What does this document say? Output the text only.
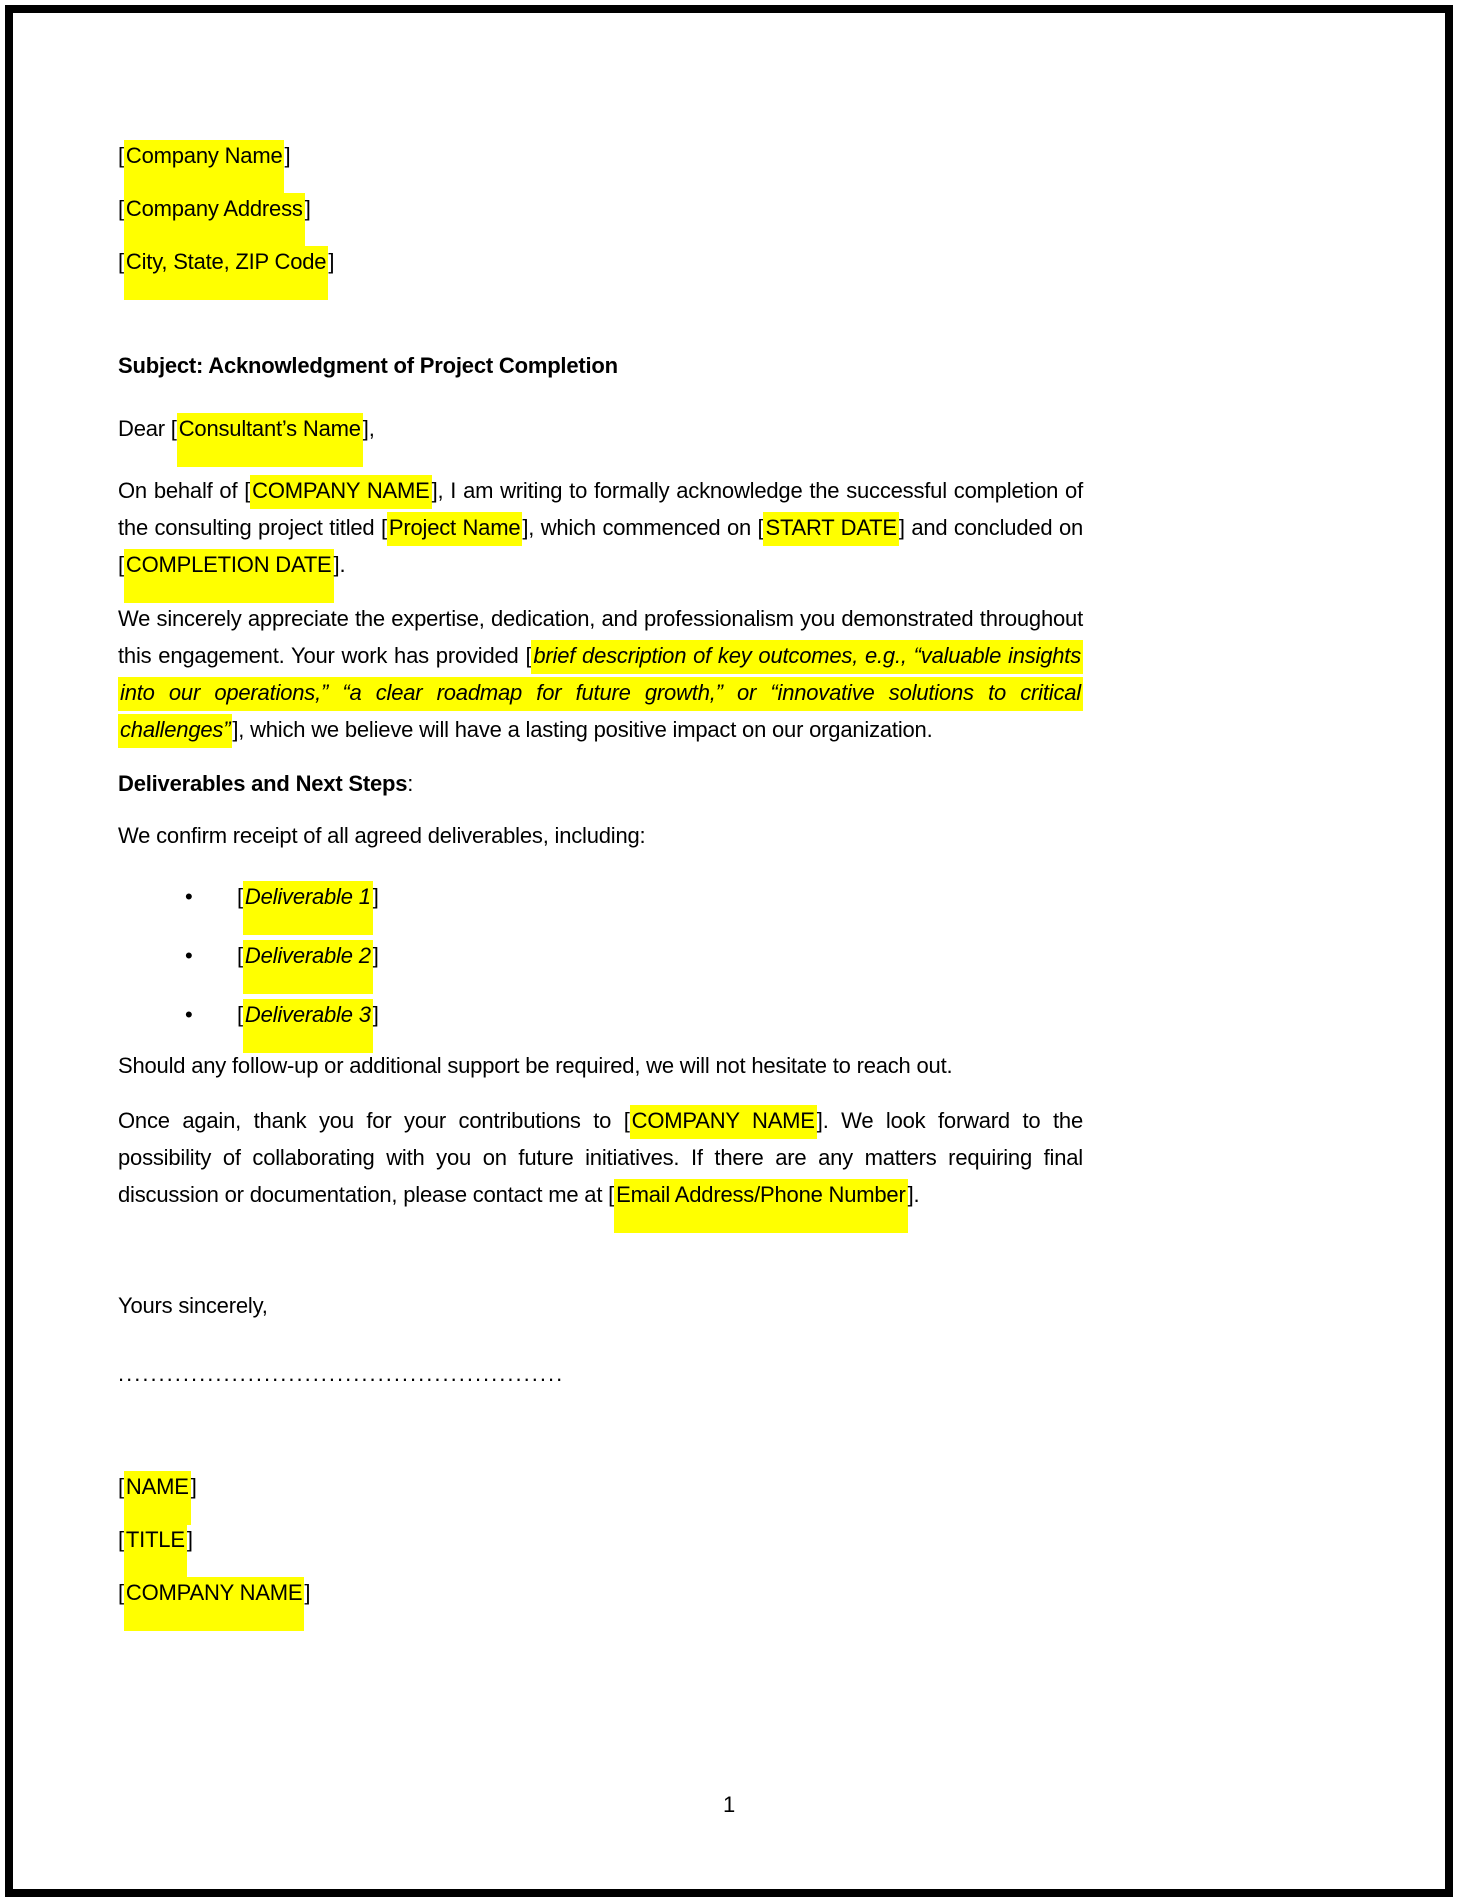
[Company Name]

[Company Address]

[City, State, ZIP Code]

Subject: Acknowledgment of Project Completion

Dear [Consultant’s Name],

On behalf of [COMPANY NAME], I am writing to formally acknowledge the successful completion of the consulting project titled [Project Name], which commenced on [START DATE] and concluded on [COMPLETION DATE].

We sincerely appreciate the expertise, dedication, and professionalism you demonstrated throughout this engagement. Your work has provided [brief description of key outcomes, e.g., “valuable insights into our operations,” “a clear roadmap for future growth,” or “innovative solutions to critical challenges”], which we believe will have a lasting positive impact on our organization.

Deliverables and Next Steps:

We confirm receipt of all agreed deliverables, including:

• [Deliverable 1]

• [Deliverable 2]

• [Deliverable 3]

Should any follow-up or additional support be required, we will not hesitate to reach out.

Once again, thank you for your contributions to [COMPANY NAME]. We look forward to the possibility of collaborating with you on future initiatives. If there are any matters requiring final discussion or documentation, please contact me at [Email Address/Phone Number].

Yours sincerely,

.......................................................

[NAME]

[TITLE]

[COMPANY NAME]

1
